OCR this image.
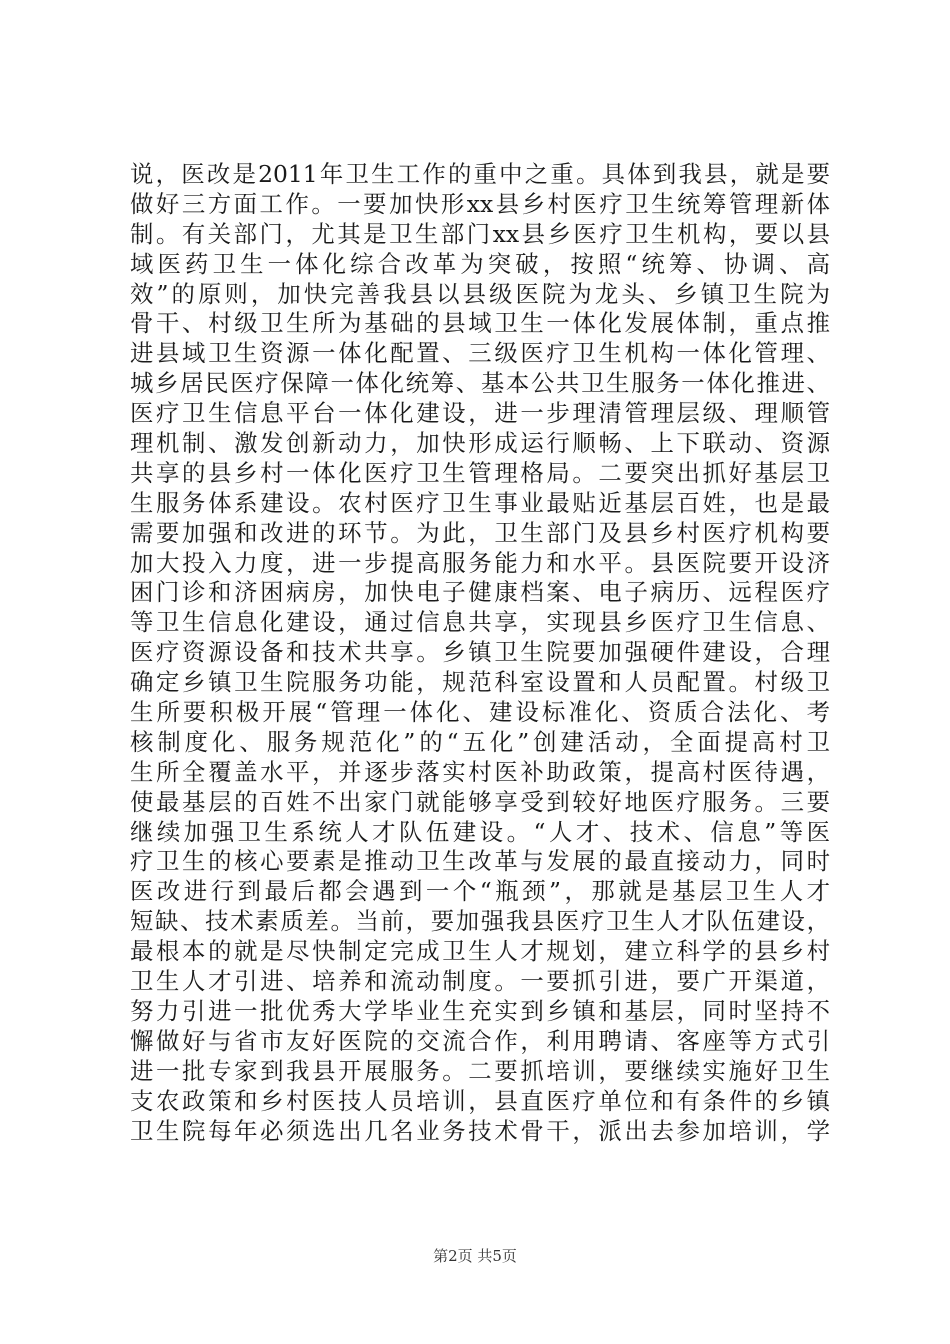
说，医改是2011年卫生工作的重中之重。具体到我县，就是要
做好三方面工作。一要加快形xx县乡村医疗卫生统筹管理新体
制。有关部门，尤其是卫生部门xx县乡医疗卫生机构，要以县
域医药卫生一体化综合改革为突破，按照“统筹、协调、高
效”的原则，加快完善我县以县级医院为龙头、乡镇卫生院为
骨干、村级卫生所为基础的县域卫生一体化发展体制，重点推
进县域卫生资源一体化配置、三级医疗卫生机构一体化管理、
城乡居民医疗保障一体化统筹、基本公共卫生服务一体化推进、
医疗卫生信息平台一体化建设，进一步理清管理层级、理顺管
理机制、激发创新动力，加快形成运行顺畅、上下联动、资源
共享的县乡村一体化医疗卫生管理格局。二要突出抓好基层卫
生服务体系建设。农村医疗卫生事业最贴近基层百姓，也是最
需要加强和改进的环节。为此，卫生部门及县乡村医疗机构要
加大投入力度，进一步提高服务能力和水平。县医院要开设济
困门诊和济困病房，加快电子健康档案、电子病历、远程医疗
等卫生信息化建设，通过信息共享，实现县乡医疗卫生信息、
医疗资源设备和技术共享。乡镇卫生院要加强硬件建设，合理
确定乡镇卫生院服务功能，规范科室设置和人员配置。村级卫
生所要积极开展“管理一体化、建设标准化、资质合法化、考
核制度化、服务规范化”的“五化”创建活动，全面提高村卫
生所全覆盖水平，并逐步落实村医补助政策，提高村医待遇，
使最基层的百姓不出家门就能够享受到较好地医疗服务。三要
继续加强卫生系统人才队伍建设。“人才、技术、信息”等医
疗卫生的核心要素是推动卫生改革与发展的最直接动力，同时
医改进行到最后都会遇到一个“瓶颈”，那就是基层卫生人才
短缺、技术素质差。当前，要加强我县医疗卫生人才队伍建设，
最根本的就是尽快制定完成卫生人才规划，建立科学的县乡村
卫生人才引进、培养和流动制度。一要抓引进，要广开渠道，
努力引进一批优秀大学毕业生充实到乡镇和基层，同时坚持不
懈做好与省市友好医院的交流合作，利用聘请、客座等方式引
进一批专家到我县开展服务。二要抓培训，要继续实施好卫生
支农政策和乡村医技人员培训，县直医疗单位和有条件的乡镇
卫生院每年必须选出几名业务技术骨干，派出去参加培训，学
第2页 共5页
